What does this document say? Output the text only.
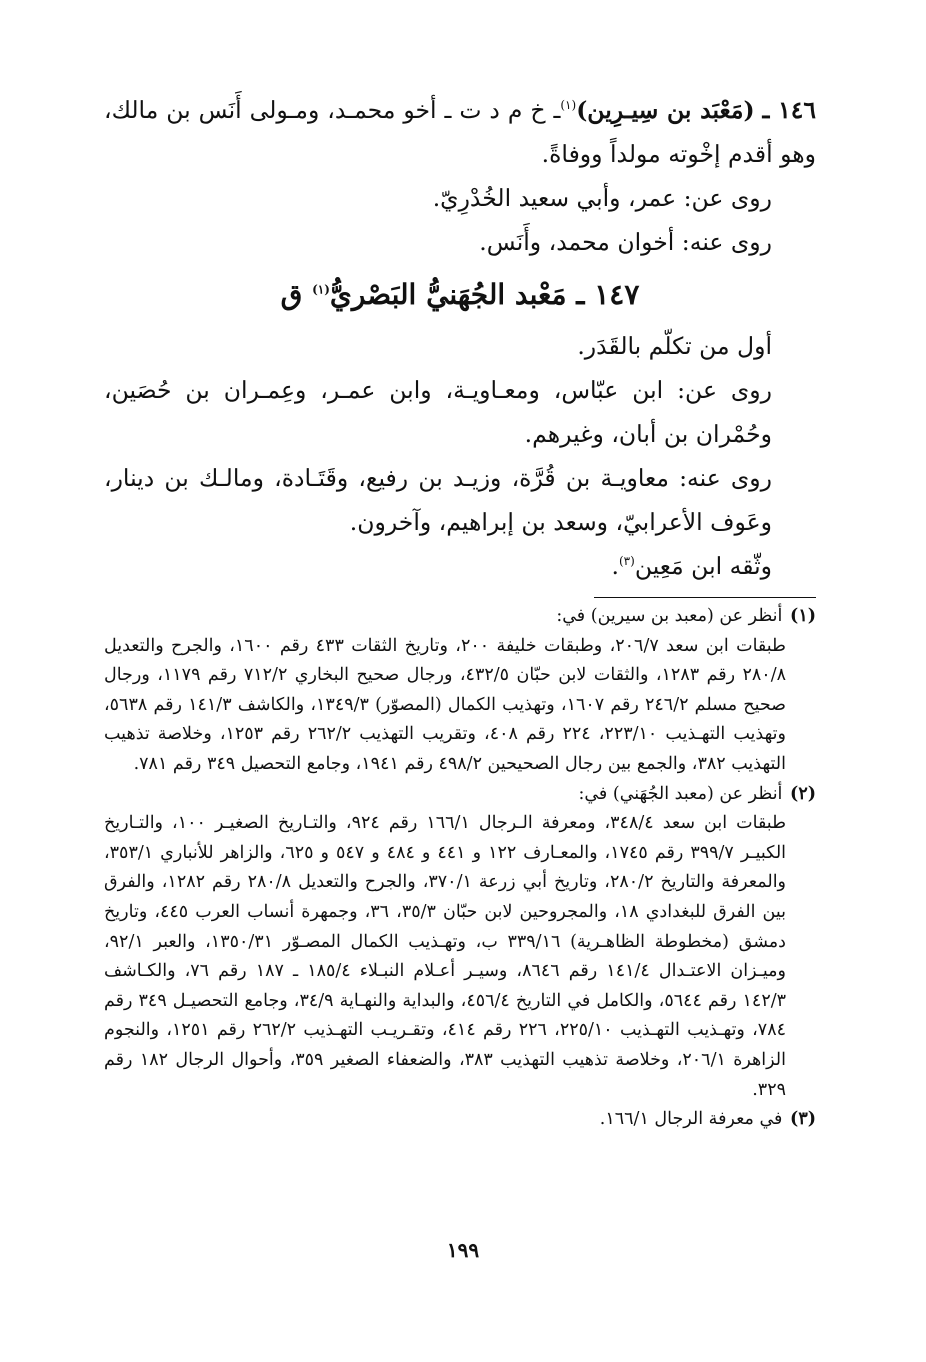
١٤٦ ـ (مَعْبَد بن سِيـرِين)$^{(١)}$ـ خ م د ت ـ أخو محمـد، ومـولى أَنَس بن مالك، وهو أقدم إخْوته مولداً ووفاةً.

روى عن: عمر، وأبي سعيد الخُدْرِيّ.

روى عنه: أخوان محمد، وأَنَس.

١٤٧ ـ مَعْبد الجُهَنيُّ البَصْريُّ$^{(١)}$ ق

أول من تكلّم بالقَدَر.

روى عن: ابن عبّاس، ومعـاويـة، وابن عمـر، وعِمـران بن حُصَين، وحُمْران بن أبان، وغيرهم.

روى عنه: معاويـة بن قُرَّة، وزيـد بن رفيع، وقَتَـادة، ومالـك بن دينار، وعَوف الأعرابيّ، وسعد بن إبراهيم، وآخرون.

وثّقه ابن مَعِين$^{(٣)}$.

(١) أنظر عن (معبد بن سيرين) في:
طبقات ابن سعد ٢٠٦/٧، وطبقات خليفة ٢٠٠، وتاريخ الثقات ٤٣٣ رقم ١٦٠٠، والجرح والتعديل ٢٨٠/٨ رقم ١٢٨٣، والثقات لابن حبّان ٤٣٢/٥، ورجال صحيح البخاري ٧١٢/٢ رقم ١١٧٩، ورجال صحيح مسلم ٢٤٦/٢ رقم ١٦٠٧، وتهذيب الكمال (المصوّر) ١٣٤٩/٣، والكاشف ١٤١/٣ رقم ٥٦٣٨، وتهذيب التهـذيب ٢٢٣/١٠، ٢٢٤ رقم ٤٠٨، وتقريب التهذيب ٢٦٢/٢ رقم ١٢٥٣، وخلاصة تذهيب التهذيب ٣٨٢، والجمع بين رجال الصحيحين ٤٩٨/٢ رقم ١٩٤١، وجامع التحصيل ٣٤٩ رقم ٧٨١.
(٢) أنظر عن (معبد الجُهَني) في:
طبقات ابن سعد ٣٤٨/٤، ومعرفة الـرجال ١٦٦/١ رقم ٩٢٤، والتـاريخ الصغيـر ١٠٠، والتـاريخ الكبيـر ٣٩٩/٧ رقم ١٧٤٥، والمعـارف ١٢٢ و ٤٤١ و ٤٨٤ و ٥٤٧ و ٦٢٥، والزاهر للأنباري ٣٥٣/١، والمعرفة والتاريخ ٢٨٠/٢، وتاريخ أبي زرعة ٣٧٠/١، والجرح والتعديل ٢٨٠/٨ رقم ١٢٨٢، والفرق بين الفرق للبغدادي ١٨، والمجروحين لابن حبّان ٣٥/٣، ٣٦، وجمهرة أنساب العرب ٤٤٥، وتاريخ دمشق (مخطوطة الظاهـرية) ٣٣٩/١٦ ب، وتهـذيب الكمال المصـوّر ١٣٥٠/٣١، والعبر ٩٢/١، وميـزان الاعتـدال ١٤١/٤ رقم ٨٦٤٦، وسيـر أعـلام النبـلاء ١٨٥/٤ ـ ١٨٧ رقم ٧٦، والكـاشف ١٤٢/٣ رقم ٥٦٤٤، والكامل في التاريخ ٤٥٦/٤، والبداية والنهـاية ٣٤/٩، وجامع التحصيـل ٣٤٩ رقم ٧٨٤، وتهـذيب التهـذيب ٢٢٥/١٠، ٢٢٦ رقم ٤١٤، وتقـريـب التهـذيب ٢٦٢/٢ رقم ١٢٥١، والنجوم الزاهرة ٢٠٦/١، وخلاصة تذهيب التهذيب ٣٨٣، والضعفاء الصغير ٣٥٩، وأحوال الرجال ١٨٢ رقم ٣٢٩.
(٣) في معرفة الرجال ١٦٦/١.
١٩٩
